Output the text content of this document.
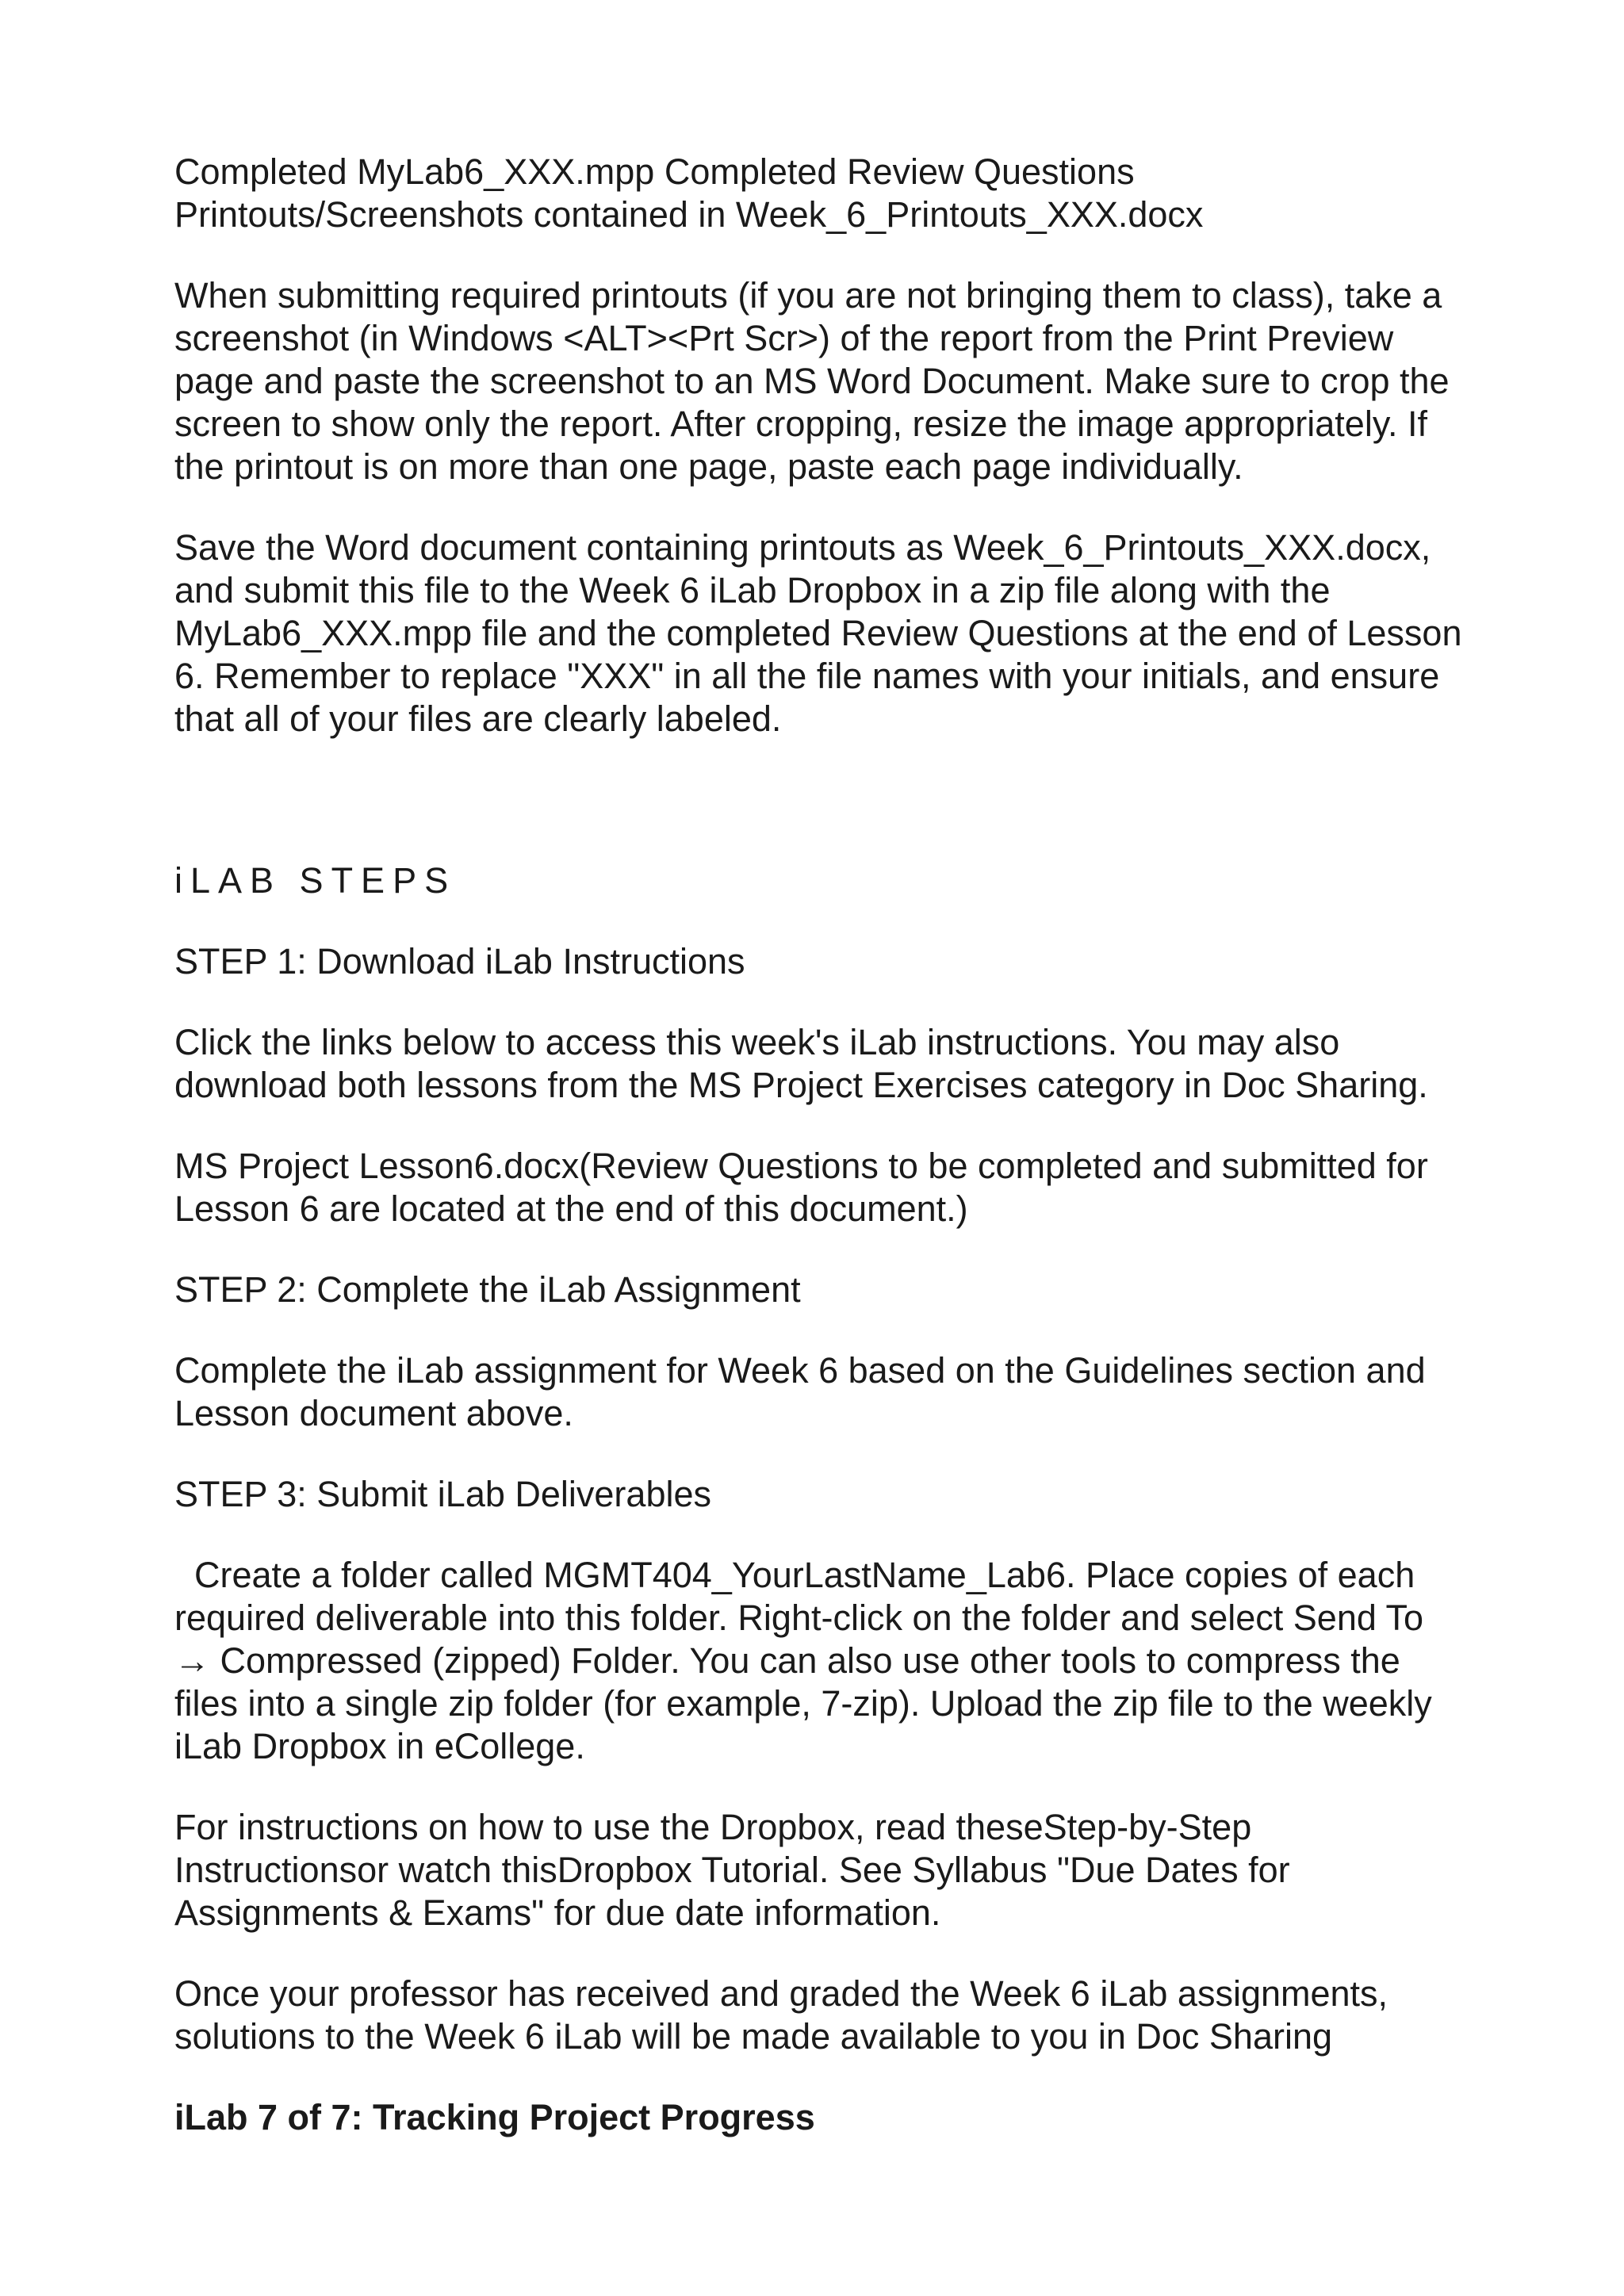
Completed MyLab6_XXX.mpp Completed Review Questions
Printouts/Screenshots contained in Week_6_Printouts_XXX.docx

When submitting required printouts (if you are not bringing them to class), take a
screenshot (in Windows <ALT><Prt Scr>) of the report from the Print Preview
page and paste the screenshot to an MS Word Document. Make sure to crop the
screen to show only the report. After cropping, resize the image appropriately. If
the printout is on more than one page, paste each page individually.

Save the Word document containing printouts as Week_6_Printouts_XXX.docx,
and submit this file to the Week 6 iLab Dropbox in a zip file along with the
MyLab6_XXX.mpp file and the completed Review Questions at the end of Lesson
6. Remember to replace "XXX" in all the file names with your initials, and ensure
that all of your files are clearly labeled.

iLAB STEPS

STEP 1: Download iLab Instructions

Click the links below to access this week's iLab instructions. You may also
download both lessons from the MS Project Exercises category in Doc Sharing.

MS Project Lesson6.docx(Review Questions to be completed and submitted for
Lesson 6 are located at the end of this document.)

STEP 2: Complete the iLab Assignment

Complete the iLab assignment for Week 6 based on the Guidelines section and
Lesson document above.

STEP 3: Submit iLab Deliverables

Create a folder called MGMT404_YourLastName_Lab6. Place copies of each
required deliverable into this folder. Right-click on the folder and select Send To
→ Compressed (zipped) Folder. You can also use other tools to compress the
files into a single zip folder (for example, 7-zip). Upload the zip file to the weekly
iLab Dropbox in eCollege.

For instructions on how to use the Dropbox, read theseStep-by-Step
Instructionsor watch thisDropbox Tutorial. See Syllabus "Due Dates for
Assignments & Exams" for due date information.

Once your professor has received and graded the Week 6 iLab assignments,
solutions to the Week 6 iLab will be made available to you in Doc Sharing

iLab 7 of 7: Tracking Project Progress
